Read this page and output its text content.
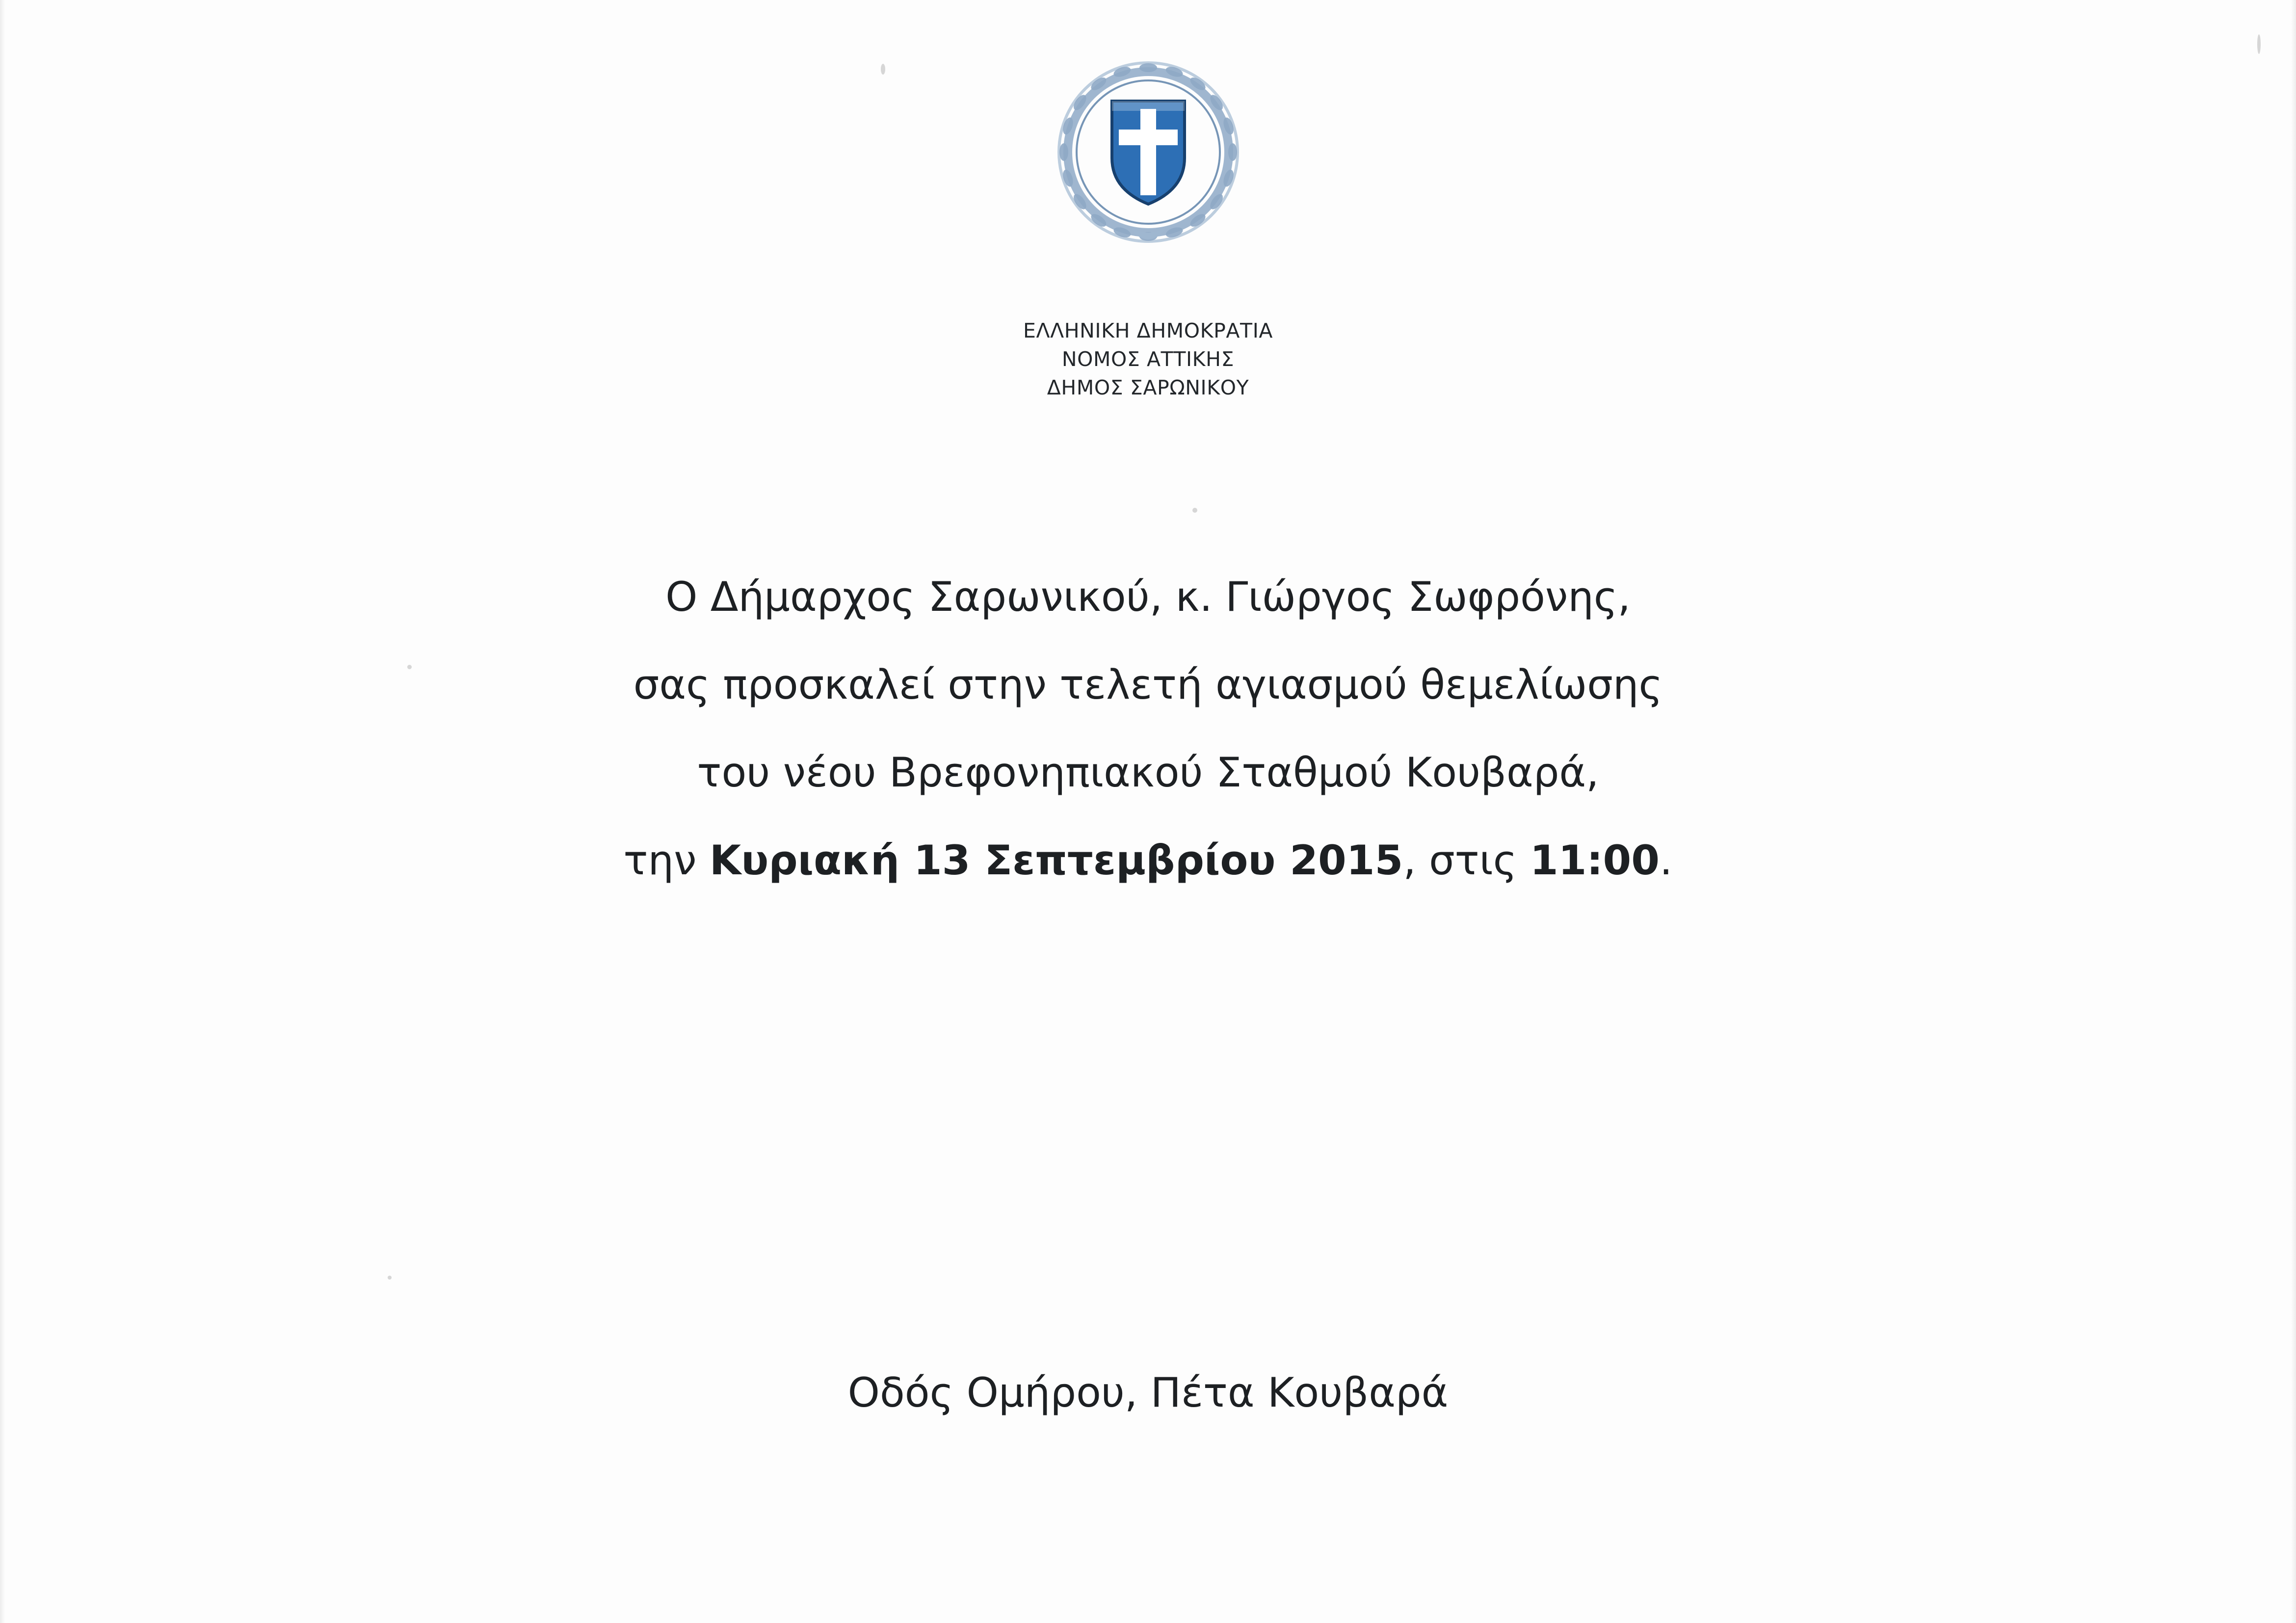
ΕΛΛΗΝΙΚΗ ΔΗΜΟΚΡΑΤΙΑ
ΝΟΜΟΣ ΑΤΤΙΚΗΣ
ΔΗΜΟΣ ΣΑΡΩΝΙΚΟΥ
Ο Δήμαρχος Σαρωνικού, κ. Γιώργος Σωφρόνης,
σας προσκαλεί στην τελετή αγιασμού θεμελίωσης
του νέου Βρεφονηπιακού Σταθμού Κουβαρά,
την Κυριακή 13 Σεπτεμβρίου 2015, στις 11:00.
Οδός Ομήρου, Πέτα Κουβαρά
